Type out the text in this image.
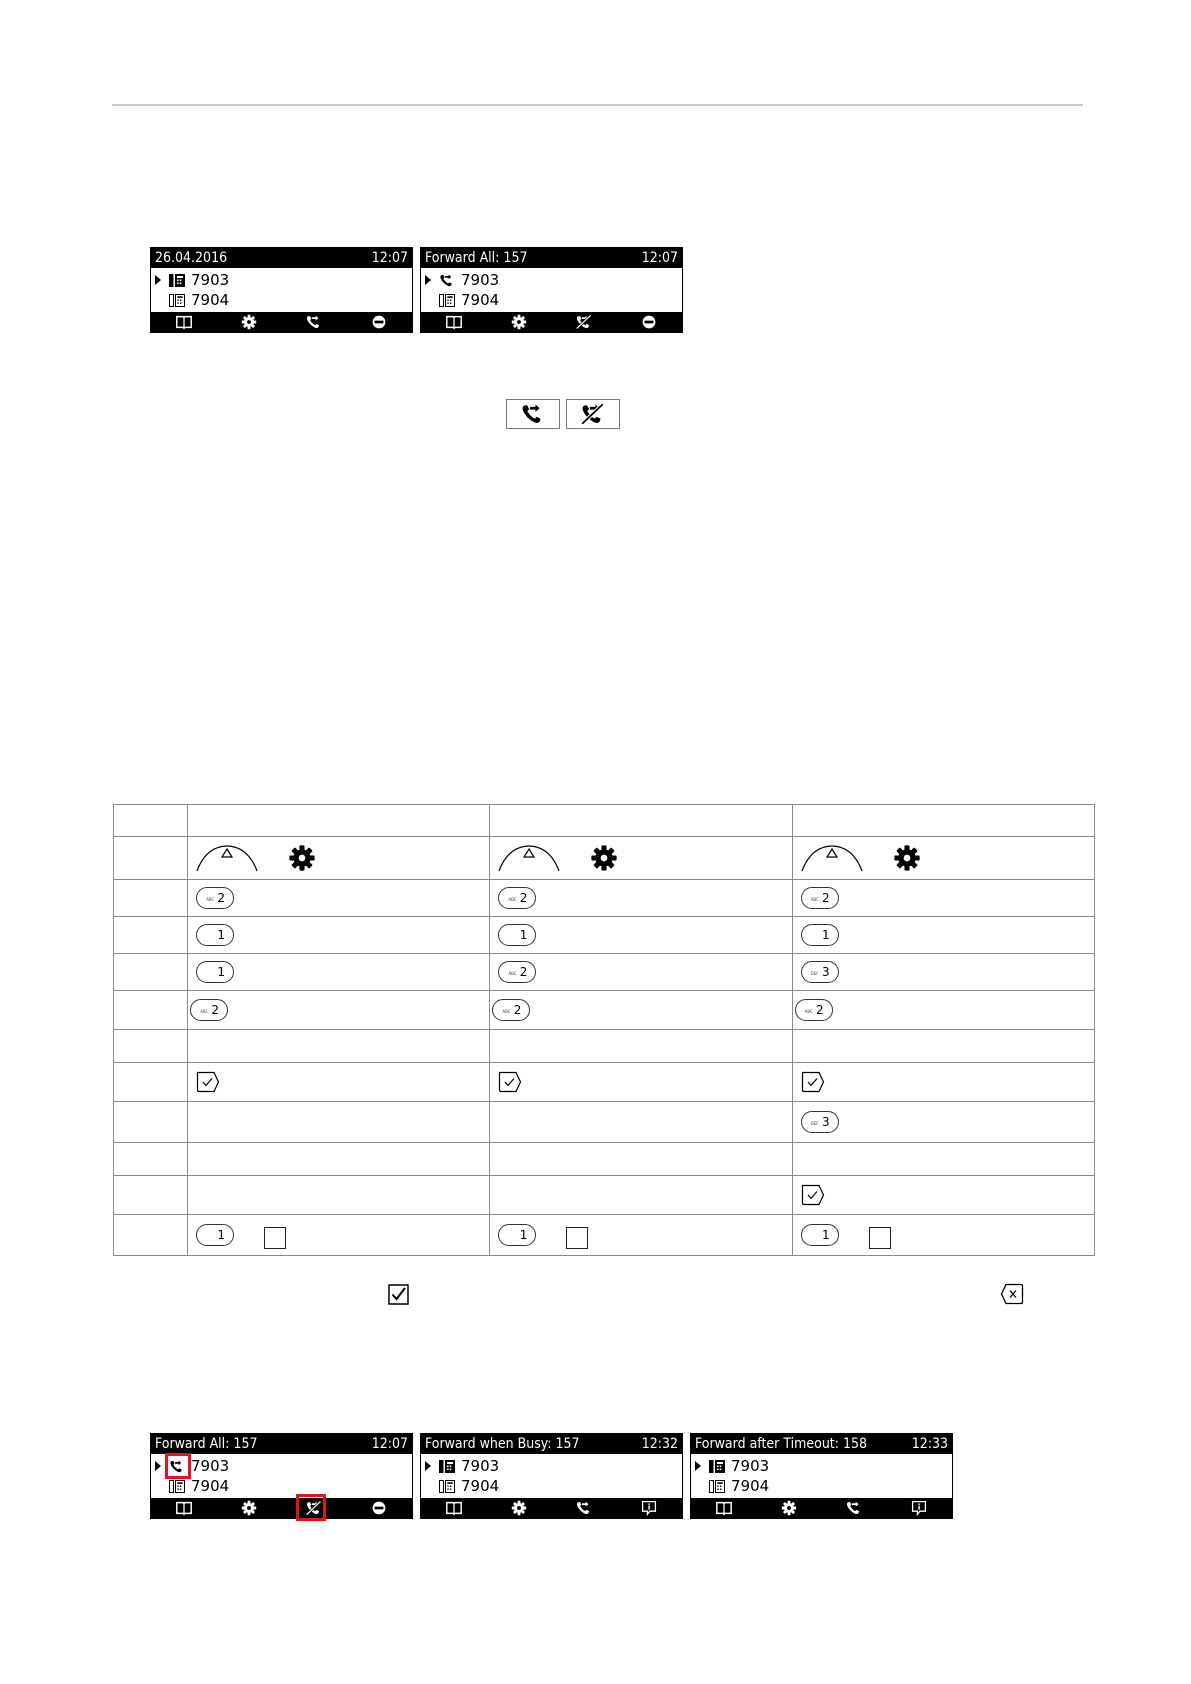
26.04.2016	12:07
7903
7904
Forward All: 157	12:07
7903
7904

	ABC 2	ABC 2	ABC 2

	1	1	1

	1	ABC 2	DEF 3

	ABC 2	ABC 2	ABC 2

			DEF 3

	1	1	1
Forward All: 157	12:07
7903
7904
Forward when Busy: 157	12:32
7903
7904
Forward after Timeout: 158	12:33
7903
7904
